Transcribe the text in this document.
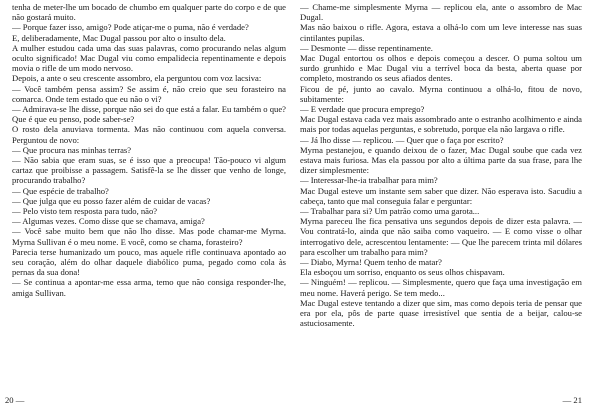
tenha de meter-lhe um bocado de chumbo em qualquer parte do corpo e de que não gostará muito.

— Porque fazer isso, amigo? Pode atiçar-me o puma, não é verdade?

E, deliberadamente, Mac Dugal passou por alto o insulto dela.

A mulher estudou cada uma das suas palavras, como procurando nelas algum oculto significado! Mac Dugal viu como empalidecia repentinamente e depois movia o rifle de um modo nervoso.

Depois, a ante o seu crescente assombro, ela perguntou com voz lacsiva:

— Você também pensa assim? Se assim é, não creio que seu forasteiro na comarca. Onde tem estado que eu não o vi?

— Admirava-se lhe disse, porque não sei do que está a falar. Eu também o que? Que é que eu penso, pode saber-se?

O rosto dela anuviava tormenta. Mas não continuou com aquela conversa. Perguntou de novo:

— Que procura nas minhas terras?

— Não sabia que eram suas, se é isso que a preocupa! Tão-pouco vi algum cartaz que proibisse a passagem. Satisfê-la se lhe disser que venho de longe, procurando trabalho?

— Que espécie de trabalho?

— Que julga que eu posso fazer além de cuidar de vacas?

— Pelo visto tem resposta para tudo, não?

— Algumas vezes. Como disse que se chamava, amiga?

— Você sabe muito bem que não lho disse. Mas pode chamar-me Myrna. Myrna Sullivan é o meu nome. E você, como se chama, forasteiro?

Parecia terse humanizado um pouco, mas aquele rifle continuava apontado ao seu coração, além do olhar daquele diabólico puma, pegado como cola às pernas da sua dona!

— Se continua a apontar-me essa arma, temo que não consiga responder-lhe, amiga Sullivan.

20 —

— Chame-me simplesmente Myrna — replicou ela, ante o assombro de Mac Dugal.

Mas não baixou o rifle. Agora, estava a olhá-lo com um leve interesse nas suas cintilantes pupilas.

— Desmonte — disse repentinamente.

Mac Dugal entortou os olhos e depois começou a descer. O puma soltou um surdo grunhido e Mac Dugal viu a terrível boca da besta, aberta quase por completo, mostrando os seus afiados dentes.

Ficou de pé, junto ao cavalo. Myrna continuou a olhá-lo, fitou de novo, subitamente:

— E verdade que procura emprego?

Mac Dugal estava cada vez mais assombrado ante o estranho acolhimento e ainda mais por todas aquelas perguntas, e sobretudo, porque ela não largava o rifle.

— Já lho disse — replicou. — Quer que o faça por escrito?

Myrna pestanejou, e quando deixou de o fazer, Mac Dugal soube que cada vez estava mais furiosa. Mas ela passou por alto a última parte da sua frase, para lhe dizer simplesmente:

— Interessar-lhe-ia trabalhar para mim?

Mac Dugal esteve um instante sem saber que dizer. Não esperava isto. Sacudiu a cabeça, tanto que mal conseguia falar e perguntar:

— Trabalhar para si? Um patrão como uma garota...

Myrna pareceu lhe fica pensativa uns segundos depois de dizer esta palavra. — Vou contratá-lo, ainda que não saiba como vaqueiro. — E como visse o olhar interrogativo dele, acrescentou lentamente: — Que lhe parecem trinta mil dólares para escolher um trabalho para mim?

— Diabo, Myrna! Quem tenho de matar?

Ela esboçou um sorriso, enquanto os seus olhos chispavam.

— Ninguém! — replicou. — Simplesmente, quero que faça uma investigação em meu nome. Haverá perigo. Se tem medo...

Mac Dugal esteve tentando a dizer que sim, mas como depois teria de pensar que era por ela, pôs de parte quase irresistível que sentia de a beijar, calou-se astuciosamente.

— 21
